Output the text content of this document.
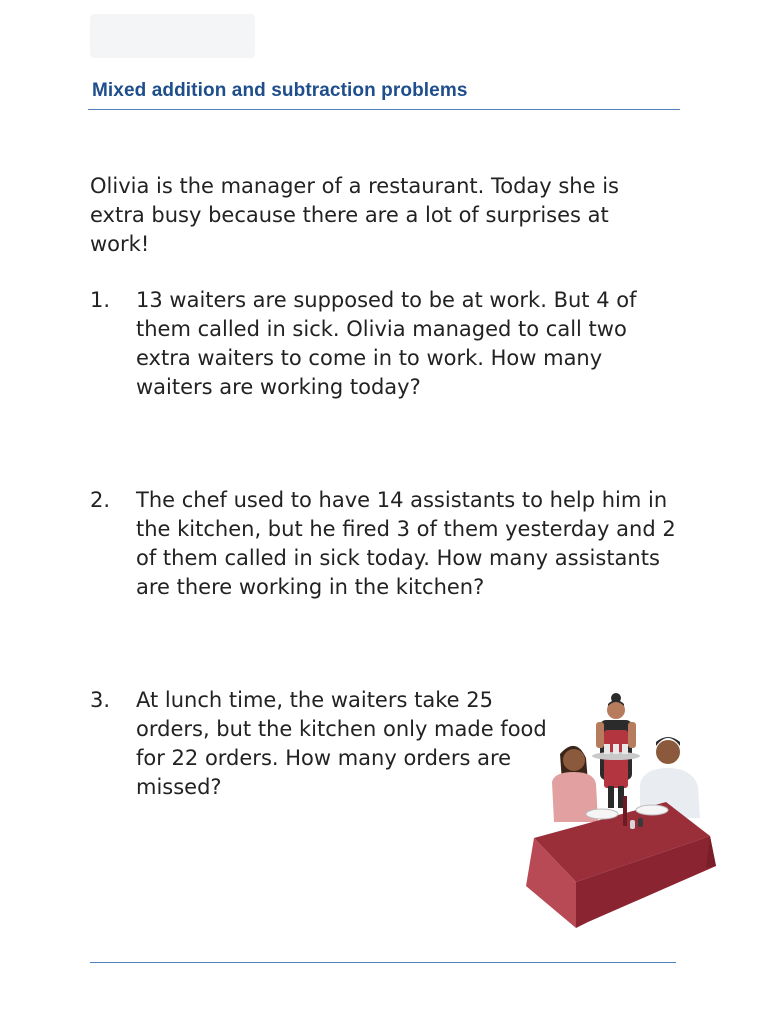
Mixed addition and subtraction problems

Olivia is the manager of a restaurant. Today she is extra busy because there are a lot of surprises at work!

1.	13 waiters are supposed to be at work. But 4 of them called in sick. Olivia managed to call two extra waiters to come in to work. How many waiters are working today?
2.	The chef used to have 14 assistants to help him in the kitchen, but he fired 3 of them yesterday and 2 of them called in sick today. How many assistants are there working in the kitchen?
3.	At lunch time, the waiters take 25 orders, but the kitchen only made food for 22 orders. How many orders are missed?
